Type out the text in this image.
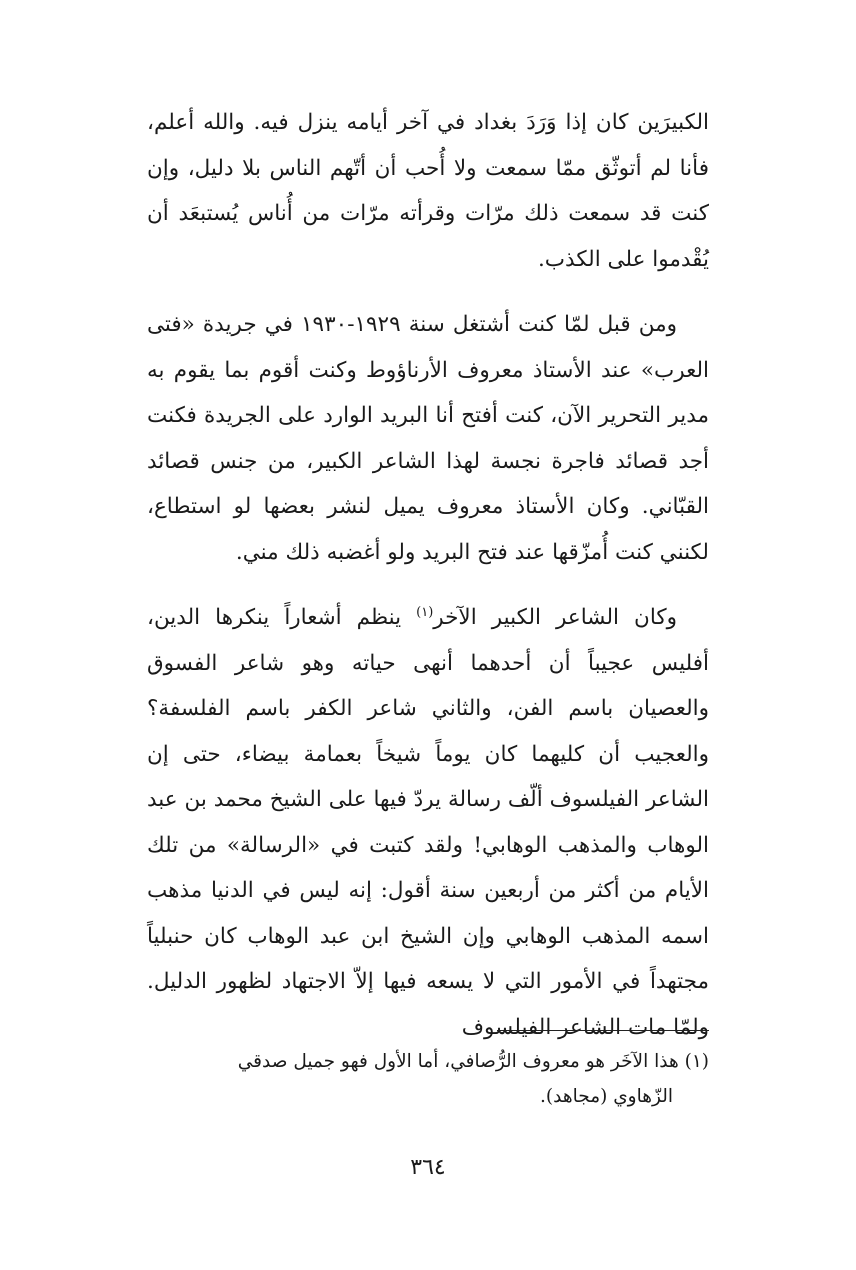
الكبيرَين كان إذا وَرَدَ بغداد في آخر أيامه ينزل فيه. والله أعلم، فأنا لم أتوثّق ممّا سمعت ولا أُحب أن أتّهم الناس بلا دليل، وإن كنت قد سمعت ذلك مرّات وقرأته مرّات من أُناس يُستبعَد أن يُقْدموا على الكذب.

ومن قبل لمّا كنت أشتغل سنة ١٩٢٩-١٩٣٠ في جريدة «فتى العرب» عند الأستاذ معروف الأرناؤوط وكنت أقوم بما يقوم به مدير التحرير الآن، كنت أفتح أنا البريد الوارد على الجريدة فكنت أجد قصائد فاجرة نجسة لهذا الشاعر الكبير، من جنس قصائد القبّاني. وكان الأستاذ معروف يميل لنشر بعضها لو استطاع، لكنني كنت أُمزّقها عند فتح البريد ولو أغضبه ذلك مني.

وكان الشاعر الكبير الآخر$^{(١)}$ ينظم أشعاراً ينكرها الدين، أفليس عجيباً أن أحدهما أنهى حياته وهو شاعر الفسوق والعصيان باسم الفن، والثاني شاعر الكفر باسم الفلسفة؟ والعجيب أن كليهما كان يوماً شيخاً بعمامة بيضاء، حتى إن الشاعر الفيلسوف ألّف رسالة يردّ فيها على الشيخ محمد بن عبد الوهاب والمذهب الوهابي! ولقد كتبت في «الرسالة» من تلك الأيام من أكثر من أربعين سنة أقول: إنه ليس في الدنيا مذهب اسمه المذهب الوهابي وإن الشيخ ابن عبد الوهاب كان حنبلياً مجتهداً في الأمور التي لا يسعه فيها إلاّ الاجتهاد لظهور الدليل. ولمّا مات الشاعر الفيلسوف

(١) هذا الآخَر هو معروف الرُّصافي، أما الأول فهو جميل صدقي
الزّهاوي (مجاهد).
٣٦٤
